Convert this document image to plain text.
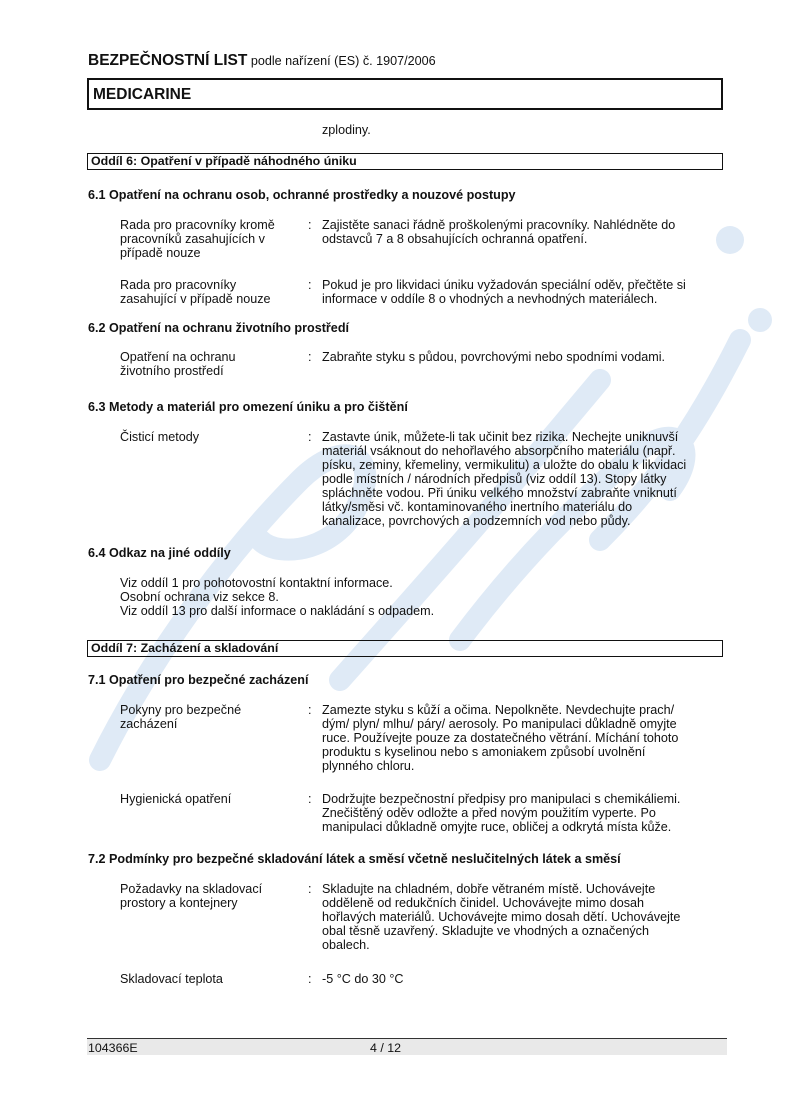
BEZPEČNOSTNÍ LIST podle nařízení (ES) č. 1907/2006
MEDICARINE
zplodiny.
Oddíl 6: Opatření v případě náhodného úniku
6.1 Opatření na ochranu osob, ochranné prostředky a nouzové postupy
Rada pro pracovníky kromě
pracovníků zasahujících v
případě nouze
: Zajistěte sanaci řádně proškolenými pracovníky. Nahlédněte do
odstavců 7 a 8 obsahujících ochranná opatření.
Rada pro pracovníky
zasahující v případě nouze
: Pokud je pro likvidaci úniku vyžadován speciální oděv, přečtěte si
informace v oddíle 8 o vhodných a nevhodných materiálech.
6.2 Opatření na ochranu životního prostředí
Opatření na ochranu
životního prostředí
: Zabraňte styku s půdou, povrchovými nebo spodními vodami.
6.3 Metody a materiál pro omezení úniku a pro čištění
Čisticí metody	: Zastavte únik, můžete-li tak učinit bez rizika. Nechejte uniknuvší
materiál vsáknout do nehořlavého absorpčního materiálu (např.
písku, zeminy, křemeliny, vermikulitu) a uložte do obalu k likvidaci
podle místních / národních předpisů (viz oddíl 13). Stopy látky
spláchněte vodou. Při úniku velkého množství zabraňte vniknutí
látky/směsi vč. kontaminovaného inertního materiálu do
kanalizace, povrchových a podzemních vod nebo půdy.
6.4 Odkaz na jiné oddíly
Viz oddíl 1 pro pohotovostní kontaktní informace.
Osobní ochrana viz sekce 8.
Viz oddíl 13 pro další informace o nakládání s odpadem.
Oddíl 7: Zacházení a skladování
7.1 Opatření pro bezpečné zacházení
Pokyny pro bezpečné
zacházení
: Zamezte styku s kůží a očima. Nepolkněte. Nevdechujte prach/
dým/ plyn/ mlhu/ páry/ aerosoly. Po manipulaci důkladně omyjte
ruce. Používejte pouze za dostatečného větrání. Míchání tohoto
produktu s kyselinou nebo s amoniakem způsobí uvolnění
plynného chloru.
Hygienická opatření	: Dodržujte bezpečnostní předpisy pro manipulaci s chemikáliemi.
Znečištěný oděv odložte a před novým použitím vyperte. Po
manipulaci důkladně omyjte ruce, obličej a odkrytá místa kůže.
7.2 Podmínky pro bezpečné skladování látek a směsí včetně neslučitelných látek a směsí
Požadavky na skladovací
prostory a kontejnery
: Skladujte na chladném, dobře větraném místě. Uchovávejte
odděleně od redukčních činidel. Uchovávejte mimo dosah
hořlavých materiálů. Uchovávejte mimo dosah dětí. Uchovávejte
obal těsně uzavřený. Skladujte ve vhodných a označených
obalech.
Skladovací teplota	: -5 °C do 30 °C
104366E	4 / 12
